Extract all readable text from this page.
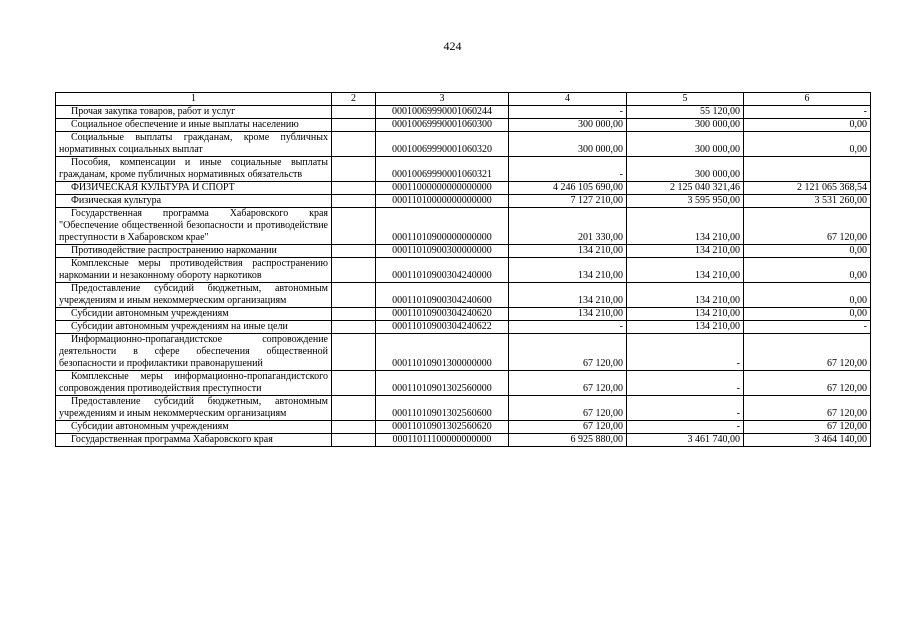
424
1	2	3	4	5	6
Прочая закупка товаров, работ и услуг		00010069990001060244	-	55 120,00	-
Социальное обеспечение и иные выплаты населению		00010069990001060300	300 000,00	300 000,00	0,00
Социальные выплаты гражданам, кроме публичных нормативных социальных выплат		00010069990001060320	300 000,00	300 000,00	0,00
Пособия, компенсации и иные социальные выплаты гражданам, кроме публичных нормативных обязательств		00010069990001060321	-	300 000,00	
ФИЗИЧЕСКАЯ КУЛЬТУРА И СПОРТ		00011000000000000000	4 246 105 690,00	2 125 040 321,46	2 121 065 368,54
Физическая культура		00011010000000000000	7 127 210,00	3 595 950,00	3 531 260,00
Государственная программа Хабаровского края "Обеспечение общественной безопасности и противодействие преступности в Хабаровском крае"		00011010900000000000	201 330,00	134 210,00	67 120,00
Противодействие распространению наркомании		00011010900300000000	134 210,00	134 210,00	0,00
Комплексные меры противодействия распространению наркомании и незаконному обороту наркотиков		00011010900304240000	134 210,00	134 210,00	0,00
Предоставление субсидий бюджетным, автономным учреждениям и иным некоммерческим организациям		00011010900304240600	134 210,00	134 210,00	0,00
Субсидии автономным учреждениям		00011010900304240620	134 210,00	134 210,00	0,00
Субсидии автономным учреждениям на иные цели		00011010900304240622	-	134 210,00	-
Информационно-пропагандистское сопровождение деятельности в сфере обеспечения общественной безопасности и профилактики правонарушений		00011010901300000000	67 120,00	-	67 120,00
Комплексные меры информационно-пропагандистского сопровождения противодействия преступности		00011010901302560000	67 120,00	-	67 120,00
Предоставление субсидий бюджетным, автономным учреждениям и иным некоммерческим организациям		00011010901302560600	67 120,00	-	67 120,00
Субсидии автономным учреждениям		00011010901302560620	67 120,00	-	67 120,00
Государственная программа Хабаровского края		00011011100000000000	6 925 880,00	3 461 740,00	3 464 140,00
